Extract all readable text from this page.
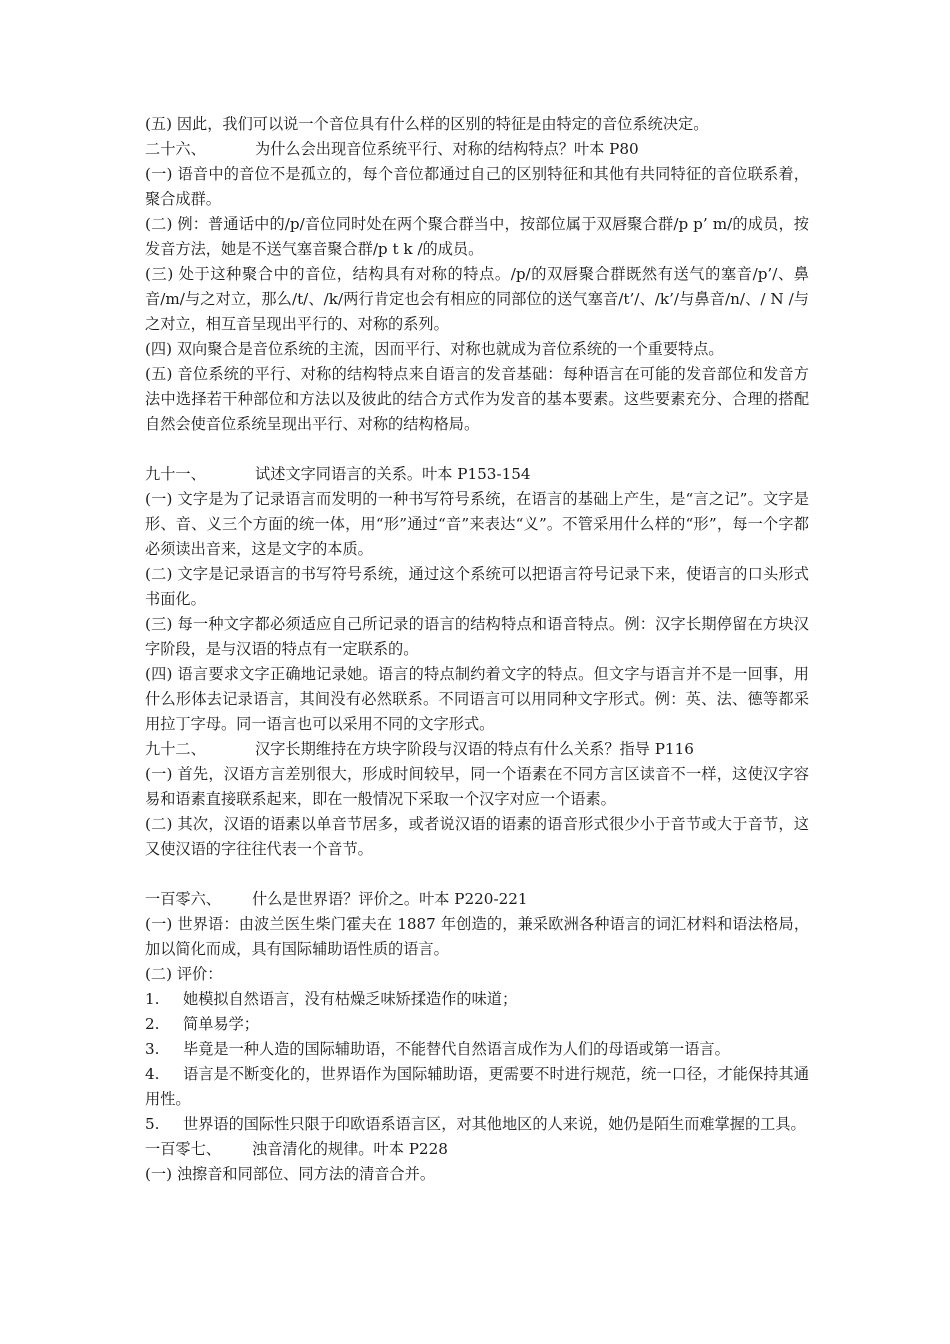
(五) 因此，我们可以说一个音位具有什么样的区别的特征是由特定的音位系统决定。

二十六、	为什么会出现音位系统平行、对称的结构特点？叶本 P80

(一) 语音中的音位不是孤立的，每个音位都通过自己的区别特征和其他有共同特征的音位联系着，聚合成群。

(二) 例：普通话中的/p/音位同时处在两个聚合群当中，按部位属于双唇聚合群/p p’ m/的成员，按发音方法，她是不送气塞音聚合群/p t k /的成员。

(三) 处于这种聚合中的音位，结构具有对称的特点。/p/的双唇聚合群既然有送气的塞音/p’/、鼻音/m/与之对立，那么/t/、/k/两行肯定也会有相应的同部位的送气塞音/t’/、/k’/与鼻音/n/、/ N /与之对立，相互音呈现出平行的、对称的系列。

(四) 双向聚合是音位系统的主流，因而平行、对称也就成为音位系统的一个重要特点。

(五) 音位系统的平行、对称的结构特点来自语言的发音基础：每种语言在可能的发音部位和发音方法中选择若干种部位和方法以及彼此的结合方式作为发音的基本要素。这些要素充分、合理的搭配自然会使音位系统呈现出平行、对称的结构格局。

九十一、	试述文字同语言的关系。叶本 P153-154

(一) 文字是为了记录语言而发明的一种书写符号系统，在语言的基础上产生，是“言之记”。文字是形、音、义三个方面的统一体，用“形”通过“音”来表达“义”。不管采用什么样的“形”，每一个字都必须读出音来，这是文字的本质。

(二) 文字是记录语言的书写符号系统，通过这个系统可以把语言符号记录下来，使语言的口头形式书面化。

(三) 每一种文字都必须适应自己所记录的语言的结构特点和语音特点。例：汉字长期停留在方块汉字阶段，是与汉语的特点有一定联系的。

(四) 语言要求文字正确地记录她。语言的特点制约着文字的特点。但文字与语言并不是一回事，用什么形体去记录语言，其间没有必然联系。不同语言可以用同种文字形式。例：英、法、德等都采用拉丁字母。同一语言也可以采用不同的文字形式。

九十二、	汉字长期维持在方块字阶段与汉语的特点有什么关系？指导 P116

(一) 首先，汉语方言差别很大，形成时间较早，同一个语素在不同方言区读音不一样，这使汉字容易和语素直接联系起来，即在一般情况下采取一个汉字对应一个语素。

(二) 其次，汉语的语素以单音节居多，或者说汉语的语素的语音形式很少小于音节或大于音节，这又使汉语的字往往代表一个音节。

一百零六、 什么是世界语？评价之。叶本 P220-221

(一) 世界语：由波兰医生柴门霍夫在 1887 年创造的，兼采欧洲各种语言的词汇材料和语法格局，加以简化而成，具有国际辅助语性质的语言。

(二) 评价：

1.	她模拟自然语言，没有枯燥乏味矫揉造作的味道；
2.	简单易学；
3.	毕竟是一种人造的国际辅助语，不能替代自然语言成作为人们的母语或第一语言。

4. 语言是不断变化的，世界语作为国际辅助语，更需要不时进行规范，统一口径，才能保持其通用性。

5. 世界语的国际性只限于印欧语系语言区，对其他地区的人来说，她仍是陌生而难掌握的工具。

一百零七、 浊音清化的规律。叶本 P228

(一) 浊擦音和同部位、同方法的清音合并。
